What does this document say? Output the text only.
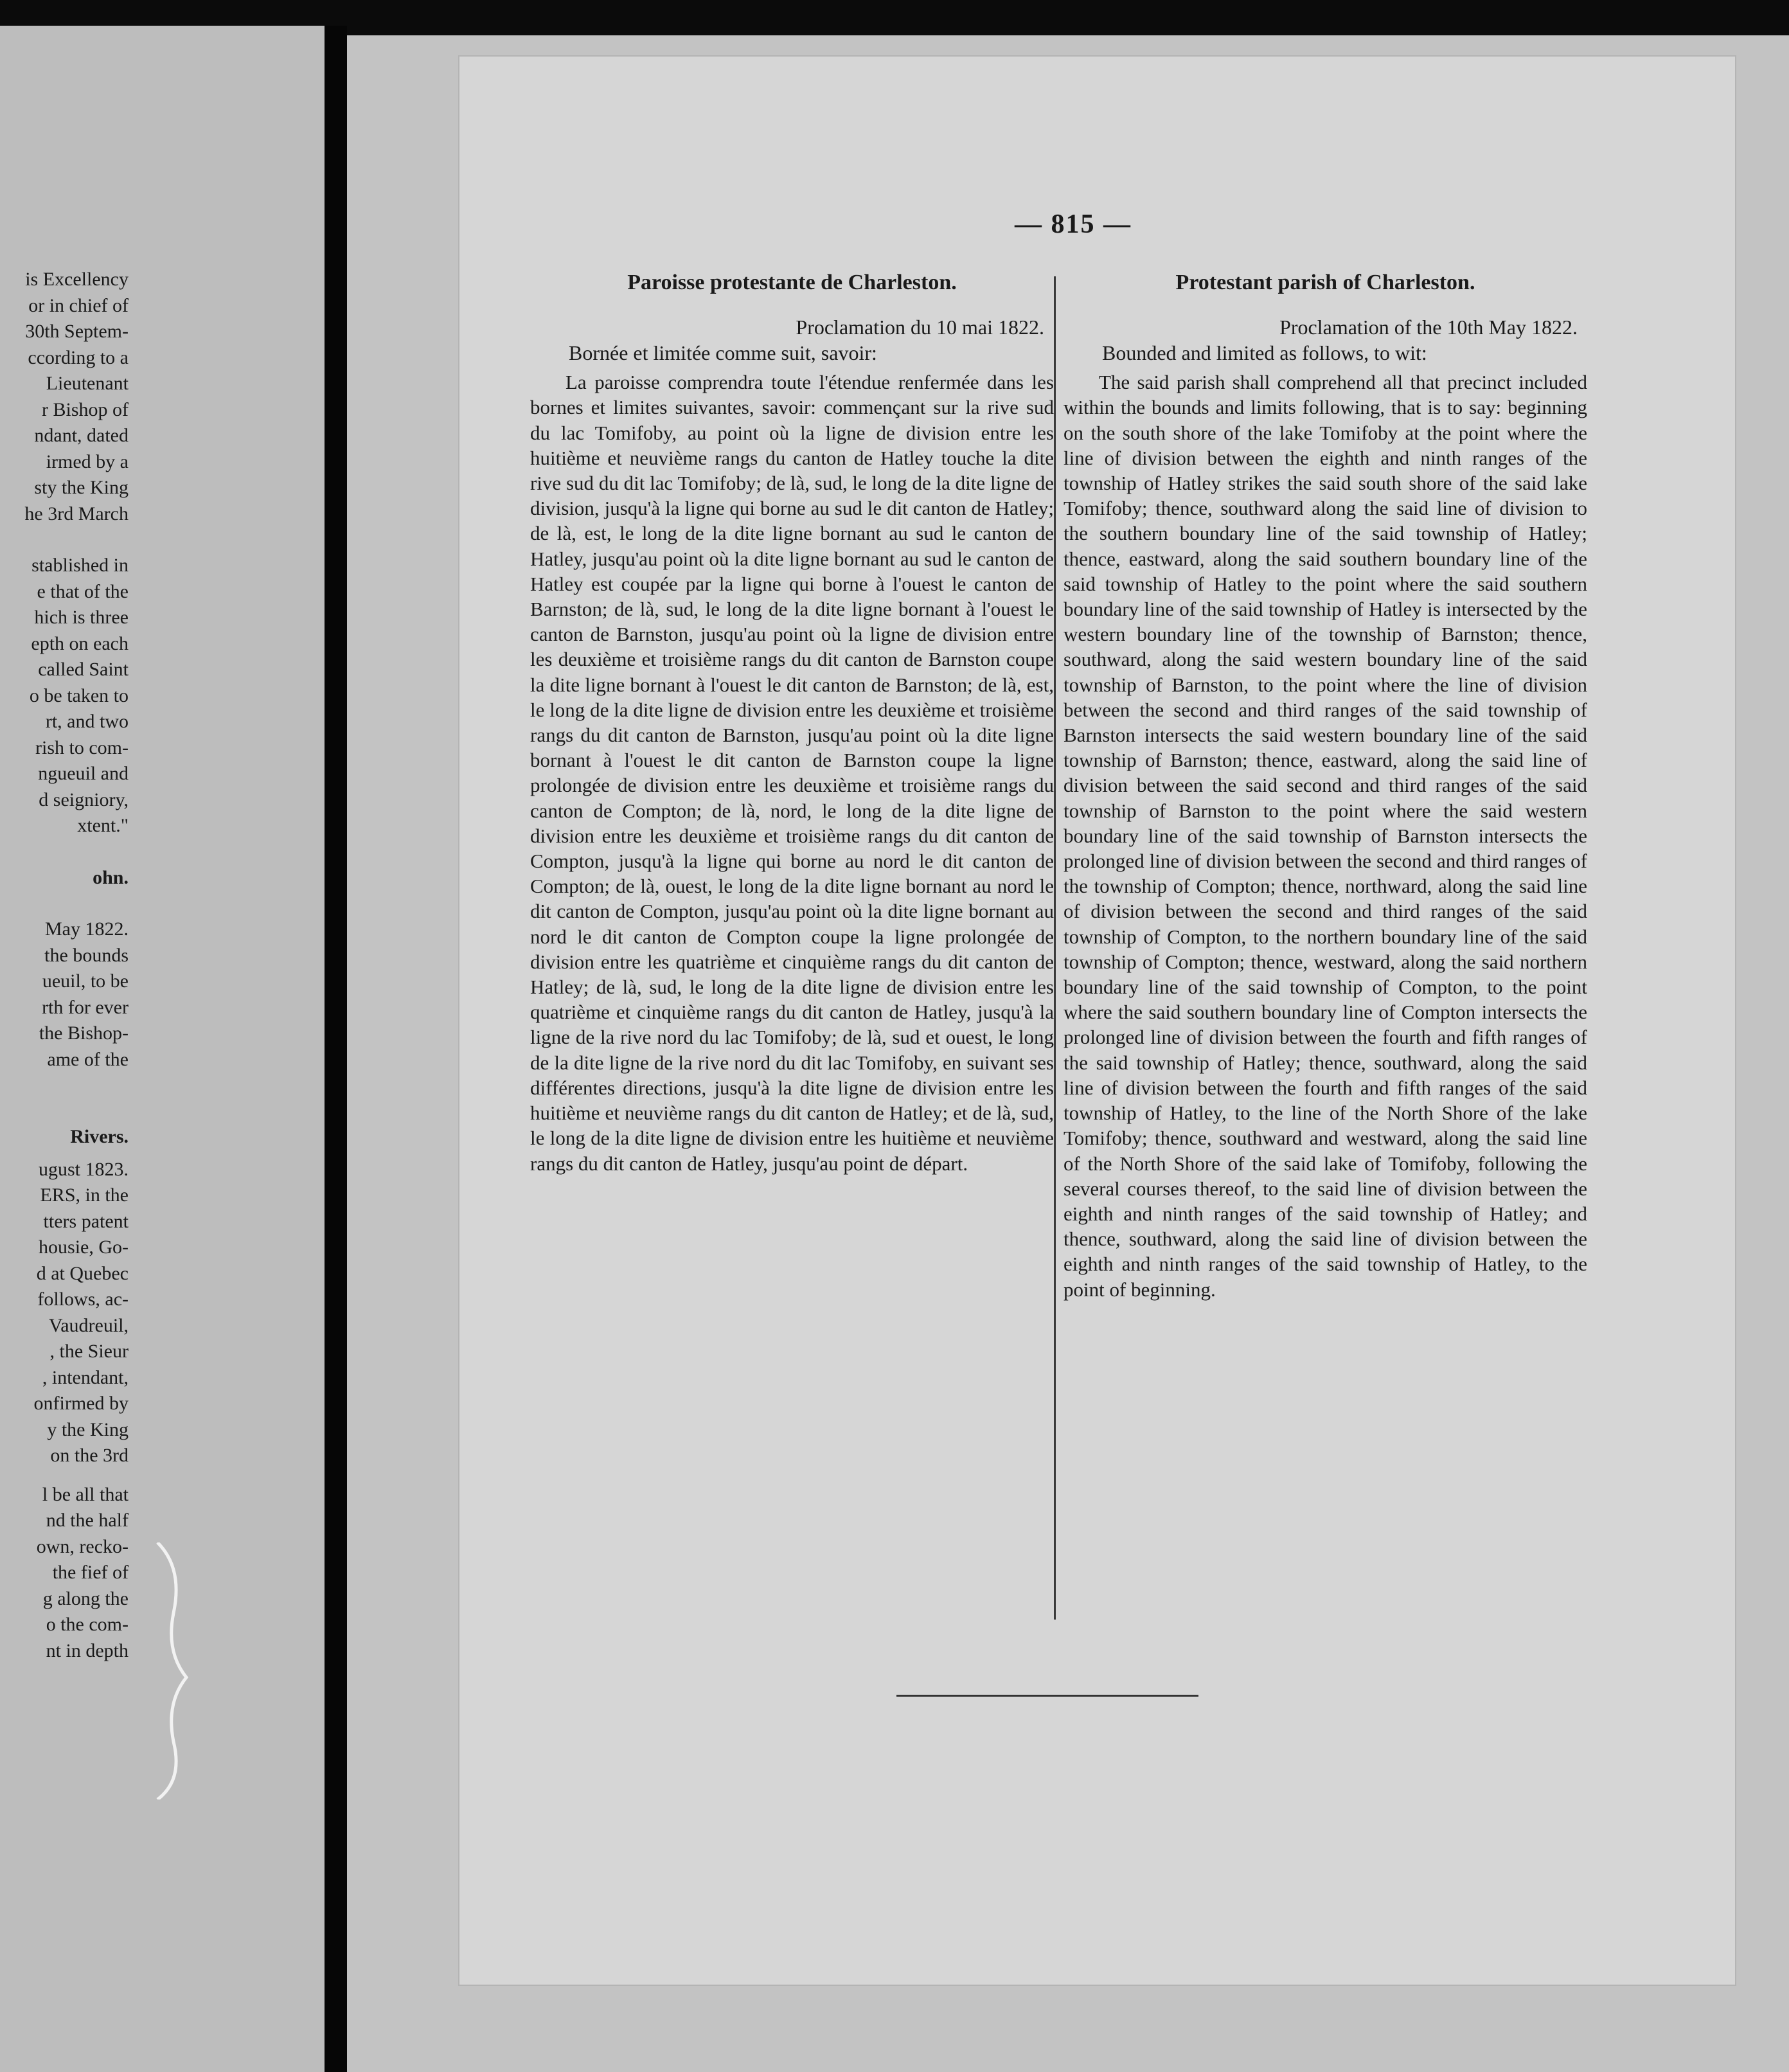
is Excellency
or in chief of
30th Septem-
ccording to a
Lieutenant
r Bishop of
ndant, dated
irmed by a
sty the King
he 3rd March
stablished in
e that of the
hich is three
epth on each
called Saint
o be taken to
rt, and two
rish to com-
ngueuil and
d seigniory,
xtent."
ohn.
May 1822.
the bounds
ueuil, to be
rth for ever
the Bishop-
ame of the
Rivers.
ugust 1823.
ERS, in the
tters patent
housie, Go-
d at Quebec
follows, ac-
Vaudreuil,
, the Sieur
, intendant,
onfirmed by
y the King
on the 3rd
l be all that
nd the half
own, recko-
the fief of
g along the
o the com-
nt in depth
— 815 —
Paroisse protestante de Charleston.
Proclamation du 10 mai 1822.
Bornée et limitée comme suit, savoir:
La paroisse comprendra toute l'étendue renfermée dans les bornes et limites suivantes, savoir: commençant sur la rive sud du lac Tomifoby, au point où la ligne de division entre les huitième et neuvième rangs du canton de Hatley touche la dite rive sud du dit lac Tomifoby; de là, sud, le long de la dite ligne de division, jusqu'à la ligne qui borne au sud le dit canton de Hatley; de là, est, le long de la dite ligne bornant au sud le canton de Hatley, jusqu'au point où la dite ligne bornant au sud le canton de Hatley est coupée par la ligne qui borne à l'ouest le canton de Barnston; de là, sud, le long de la dite ligne bornant à l'ouest le canton de Barnston, jusqu'au point où la ligne de division entre les deuxième et troisième rangs du dit canton de Barnston coupe la dite ligne bornant à l'ouest le dit canton de Barnston; de là, est, le long de la dite ligne de division entre les deuxième et troisième rangs du dit canton de Barnston, jusqu'au point où la dite ligne bornant à l'ouest le dit canton de Barnston coupe la ligne prolongée de division entre les deuxième et troisième rangs du canton de Compton; de là, nord, le long de la dite ligne de division entre les deuxième et troisième rangs du dit canton de Compton, jusqu'à la ligne qui borne au nord le dit canton de Compton; de là, ouest, le long de la dite ligne bornant au nord le dit canton de Compton, jusqu'au point où la dite ligne bornant au nord le dit canton de Compton coupe la ligne prolongée de division entre les quatrième et cinquième rangs du dit canton de Hatley; de là, sud, le long de la dite ligne de division entre les quatrième et cinquième rangs du dit canton de Hatley, jusqu'à la ligne de la rive nord du lac Tomifoby; de là, sud et ouest, le long de la dite ligne de la rive nord du dit lac Tomifoby, en suivant ses différentes directions, jusqu'à la dite ligne de division entre les huitième et neuvième rangs du dit canton de Hatley; et de là, sud, le long de la dite ligne de division entre les huitième et neuvième rangs du dit canton de Hatley, jusqu'au point de départ.
Protestant parish of Charleston.
Proclamation of the 10th May 1822.
Bounded and limited as follows, to wit:
The said parish shall comprehend all that precinct included within the bounds and limits following, that is to say: beginning on the south shore of the lake Tomifoby at the point where the line of division between the eighth and ninth ranges of the township of Hatley strikes the said south shore of the said lake Tomifoby; thence, southward along the said line of division to the southern boundary line of the said township of Hatley; thence, eastward, along the said southern boundary line of the said township of Hatley to the point where the said southern boundary line of the said township of Hatley is intersected by the western boundary line of the township of Barnston; thence, southward, along the said western boundary line of the said township of Barnston, to the point where the line of division between the second and third ranges of the said township of Barnston intersects the said western boundary line of the said township of Barnston; thence, eastward, along the said line of division between the said second and third ranges of the said township of Barnston to the point where the said western boundary line of the said township of Barnston intersects the prolonged line of division between the second and third ranges of the township of Compton; thence, northward, along the said line of division between the second and third ranges of the said township of Compton, to the northern boundary line of the said township of Compton; thence, westward, along the said northern boundary line of the said township of Compton, to the point where the said southern boundary line of Compton intersects the prolonged line of division between the fourth and fifth ranges of the said township of Hatley; thence, southward, along the said line of division between the fourth and fifth ranges of the said township of Hatley, to the line of the North Shore of the lake Tomifoby; thence, southward and westward, along the said line of the North Shore of the said lake of Tomifoby, following the several courses thereof, to the said line of division between the eighth and ninth ranges of the said township of Hatley; and thence, southward, along the said line of division between the eighth and ninth ranges of the said township of Hatley, to the point of beginning.
